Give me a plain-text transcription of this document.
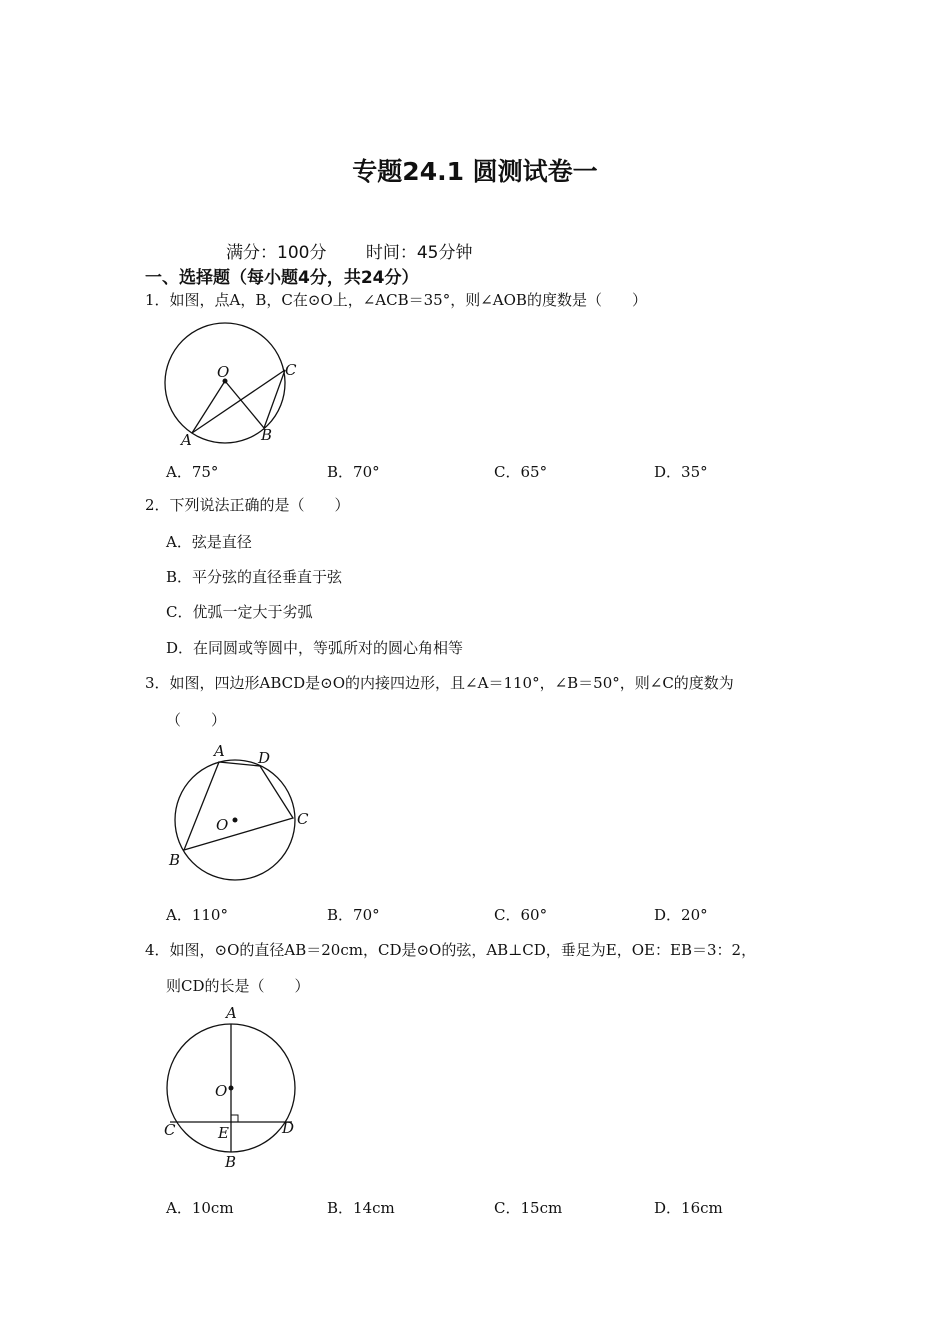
专题24.1 圆测试卷一
满分：100分 时间：45分钟
一、选择题（每小题4分，共24分）
1．如图，点A，B，C在⊙O上，∠ACB＝35°，则∠AOB的度数是（　　）
O
A	B
C
A．75°	B．70°	C．65°	D．35°
2．下列说法正确的是（　　）
A．弦是直径
B．平分弦的直径垂直于弦
C．优弧一定大于劣弧
D．在同圆或等圆中，等弧所对的圆心角相等
3．如图，四边形ABCD是⊙O的内接四边形，且∠A＝110°，∠B＝50°，则∠C的度数为
（　　）
O
A D
C
B
A．110°	B．70°	C．60°	D．20°
4．如图，⊙O的直径AB＝20cm，CD是⊙O的弦，AB⊥CD，垂足为E，OE：EB＝3：2，
则CD的长是（　　）
A
O
C	E	D
B
A．10cm	B．14cm	C．15cm	D．16cm
